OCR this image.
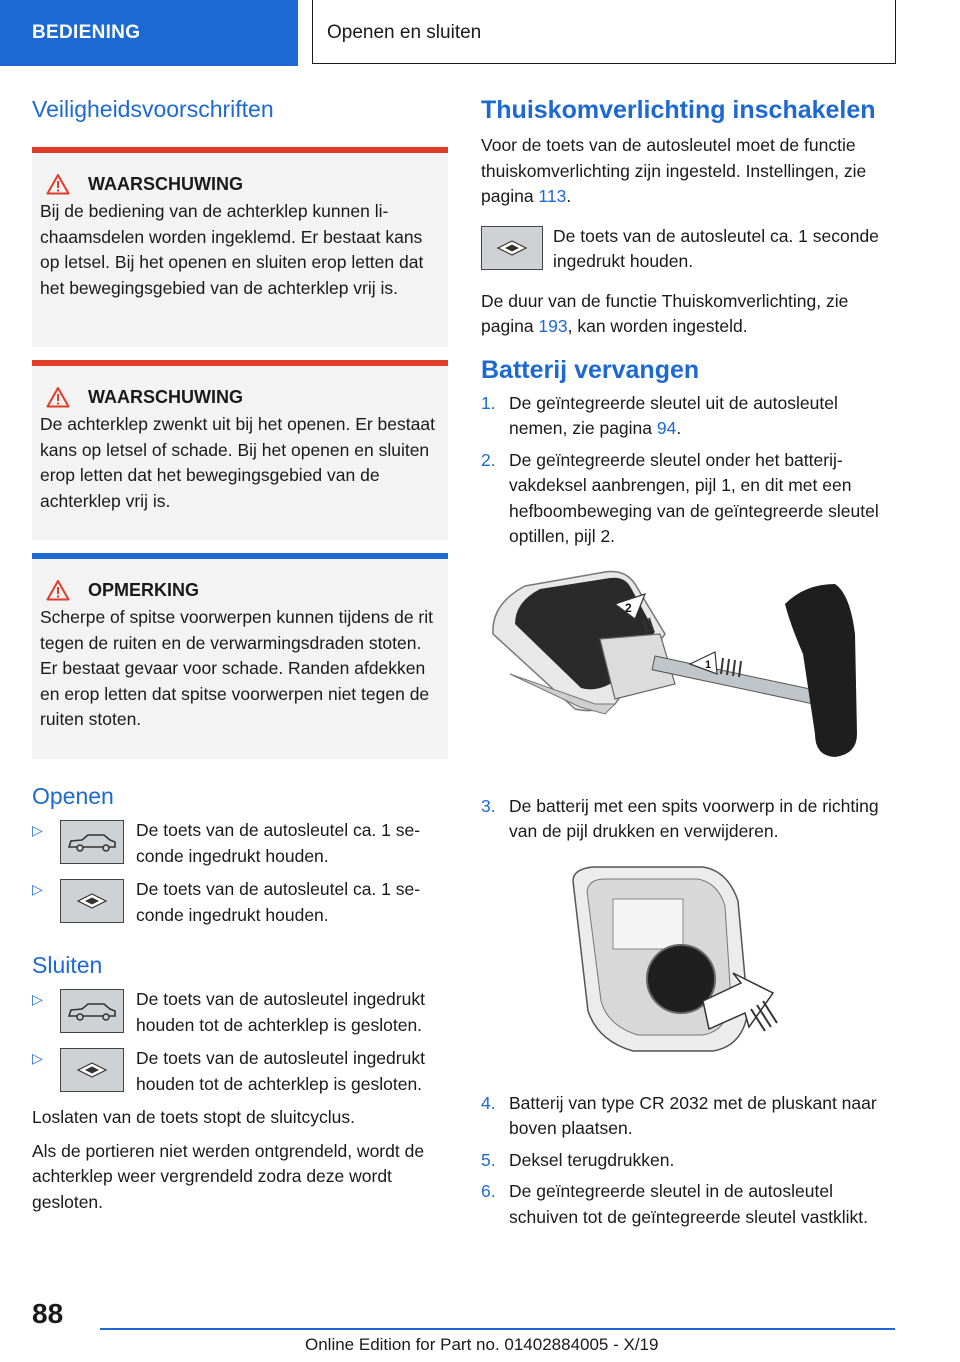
BEDIENING	Openen en sluiten
Veiligheidsvoorschriften
WAARSCHUWING
Bij de bediening van de achterklep kunnen lichaamsdelen worden ingeklemd. Er bestaat kans op letsel. Bij het openen en sluiten erop letten dat het bewegingsgebied van de achterklep vrij is.
WAARSCHUWING
De achterklep zwenkt uit bij het openen. Er bestaat kans op letsel of schade. Bij het openen en sluiten erop letten dat het bewegingsgebied van de achterklep vrij is.
OPMERKING
Scherpe of spitse voorwerpen kunnen tijdens de rit tegen de ruiten en de verwarmingsdraden stoten. Er bestaat gevaar voor schade. Randen afdekken en erop letten dat spitse voorwerpen niet tegen de ruiten stoten.
Openen
▷	De toets van de autosleutel ca. 1 seconde ingedrukt houden.
▷	De toets van de autosleutel ca. 1 seconde ingedrukt houden.
Sluiten
▷	De toets van de autosleutel ingedrukt houden tot de achterklep is gesloten.
▷	De toets van de autosleutel ingedrukt houden tot de achterklep is gesloten.

Loslaten van de toets stopt de sluitcyclus.

Als de portieren niet werden ontgrendeld, wordt de achterklep weer vergrendeld zodra deze wordt gesloten.

Thuiskomverlichting inschakelen

Voor de toets van de autosleutel moet de functie thuiskomverlichting zijn ingesteld. Instellingen, zie pagina 113.

De toets van de autosleutel ca. 1 seconde ingedrukt houden.

De duur van de functie Thuiskomverlichting, zie pagina 193, kan worden ingesteld.

Batterij vervangen
1. De geïntegreerde sleutel uit de autosleutel nemen, zie pagina 94.
2. De geïntegreerde sleutel onder het batterijvakdeksel aanbrengen, pijl 1, en dit met een hefboombeweging van de geïntegreerde sleutel optillen, pijl 2.
2
1
3. De batterij met een spits voorwerp in de richting van de pijl drukken en verwijderen.
4. Batterij van type CR 2032 met de pluskant naar boven plaatsen.
5. Deksel terugdrukken.
6. De geïntegreerde sleutel in de autosleutel schuiven tot de geïntegreerde sleutel vastklikt.
88
Online Edition for Part no. 01402884005 - X/19
